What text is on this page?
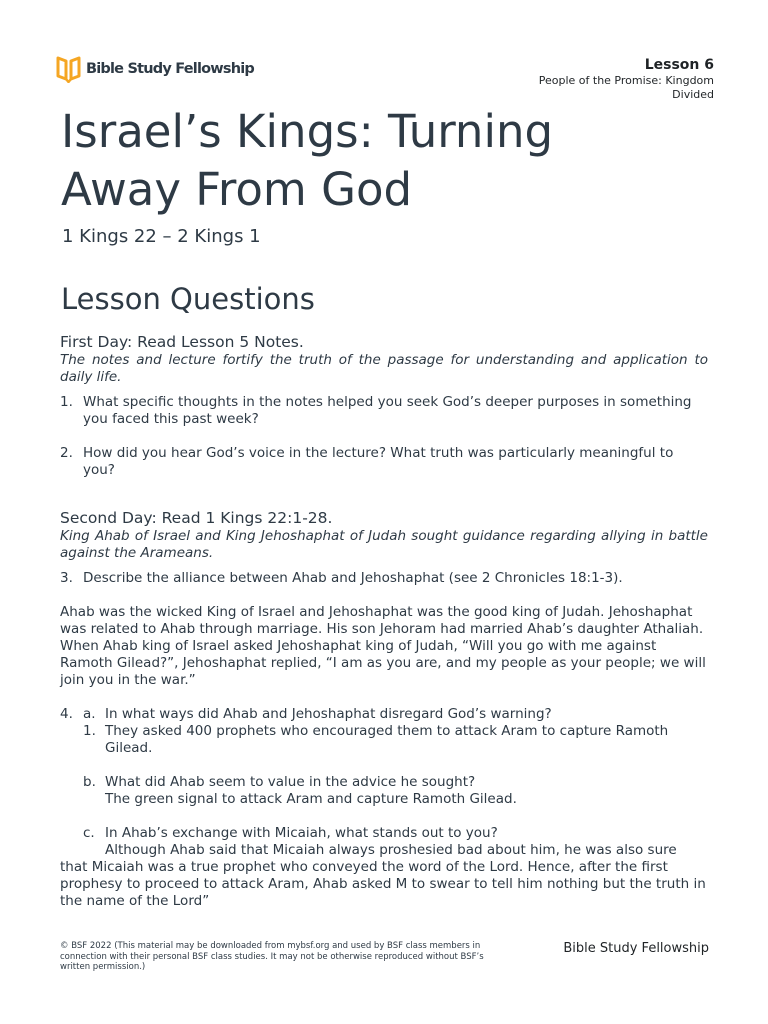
Bible Study Fellowship	Lesson 6
People of the Promise: Kingdom
Divided
Israel’s Kings: Turning
Away From God
1 Kings 22 – 2 Kings 1
Lesson Questions

First Day: Read Lesson 5 Notes.

The notes and lecture fortify the truth of the passage for understanding and application to daily life.

1. What specific thoughts in the notes helped you seek God’s deeper purposes in something you faced this past week?
2. How did you hear God’s voice in the lecture? What truth was particularly meaningful to you?

Second Day: Read 1 Kings 22:1-28.

King Ahab of Israel and King Jehoshaphat of Judah sought guidance regarding allying in battle against the Arameans.

3. Describe the alliance between Ahab and Jehoshaphat (see 2 Chronicles 18:1-3).

Ahab was the wicked King of Israel and Jehoshaphat was the good king of Judah. Jehoshaphat was related to Ahab through marriage. His son Jehoram had married Ahab’s daughter Athaliah. When Ahab king of Israel asked Jehoshaphat king of Judah, “Will you go with me against Ramoth Gilead?”, Jehoshaphat replied, “I am as you are, and my people as your people; we will join you in the war.”

4. a. In what ways did Ahab and Jehoshaphat disregard God’s warning?
1. They asked 400 prophets who encouraged them to attack Aram to capture Ramoth Gilead.
b. What did Ahab seem to value in the advice he sought?
The green signal to attack Aram and capture Ramoth Gilead.
c. In Ahab’s exchange with Micaiah, what stands out to you?

Although Ahab said that Micaiah always proshesied bad about him, he was also sure that Micaiah was a true prophet who conveyed the word of the Lord. Hence, after the first prophesy to proceed to attack Aram, Ahab asked M to swear to tell him nothing but the truth in the name of the Lord”

© BSF 2022 (This material may be downloaded from mybsf.org and used by BSF class members in connection with their personal BSF class studies. It may not be otherwise reproduced without BSF’s written permission.)
Bible Study Fellowship
